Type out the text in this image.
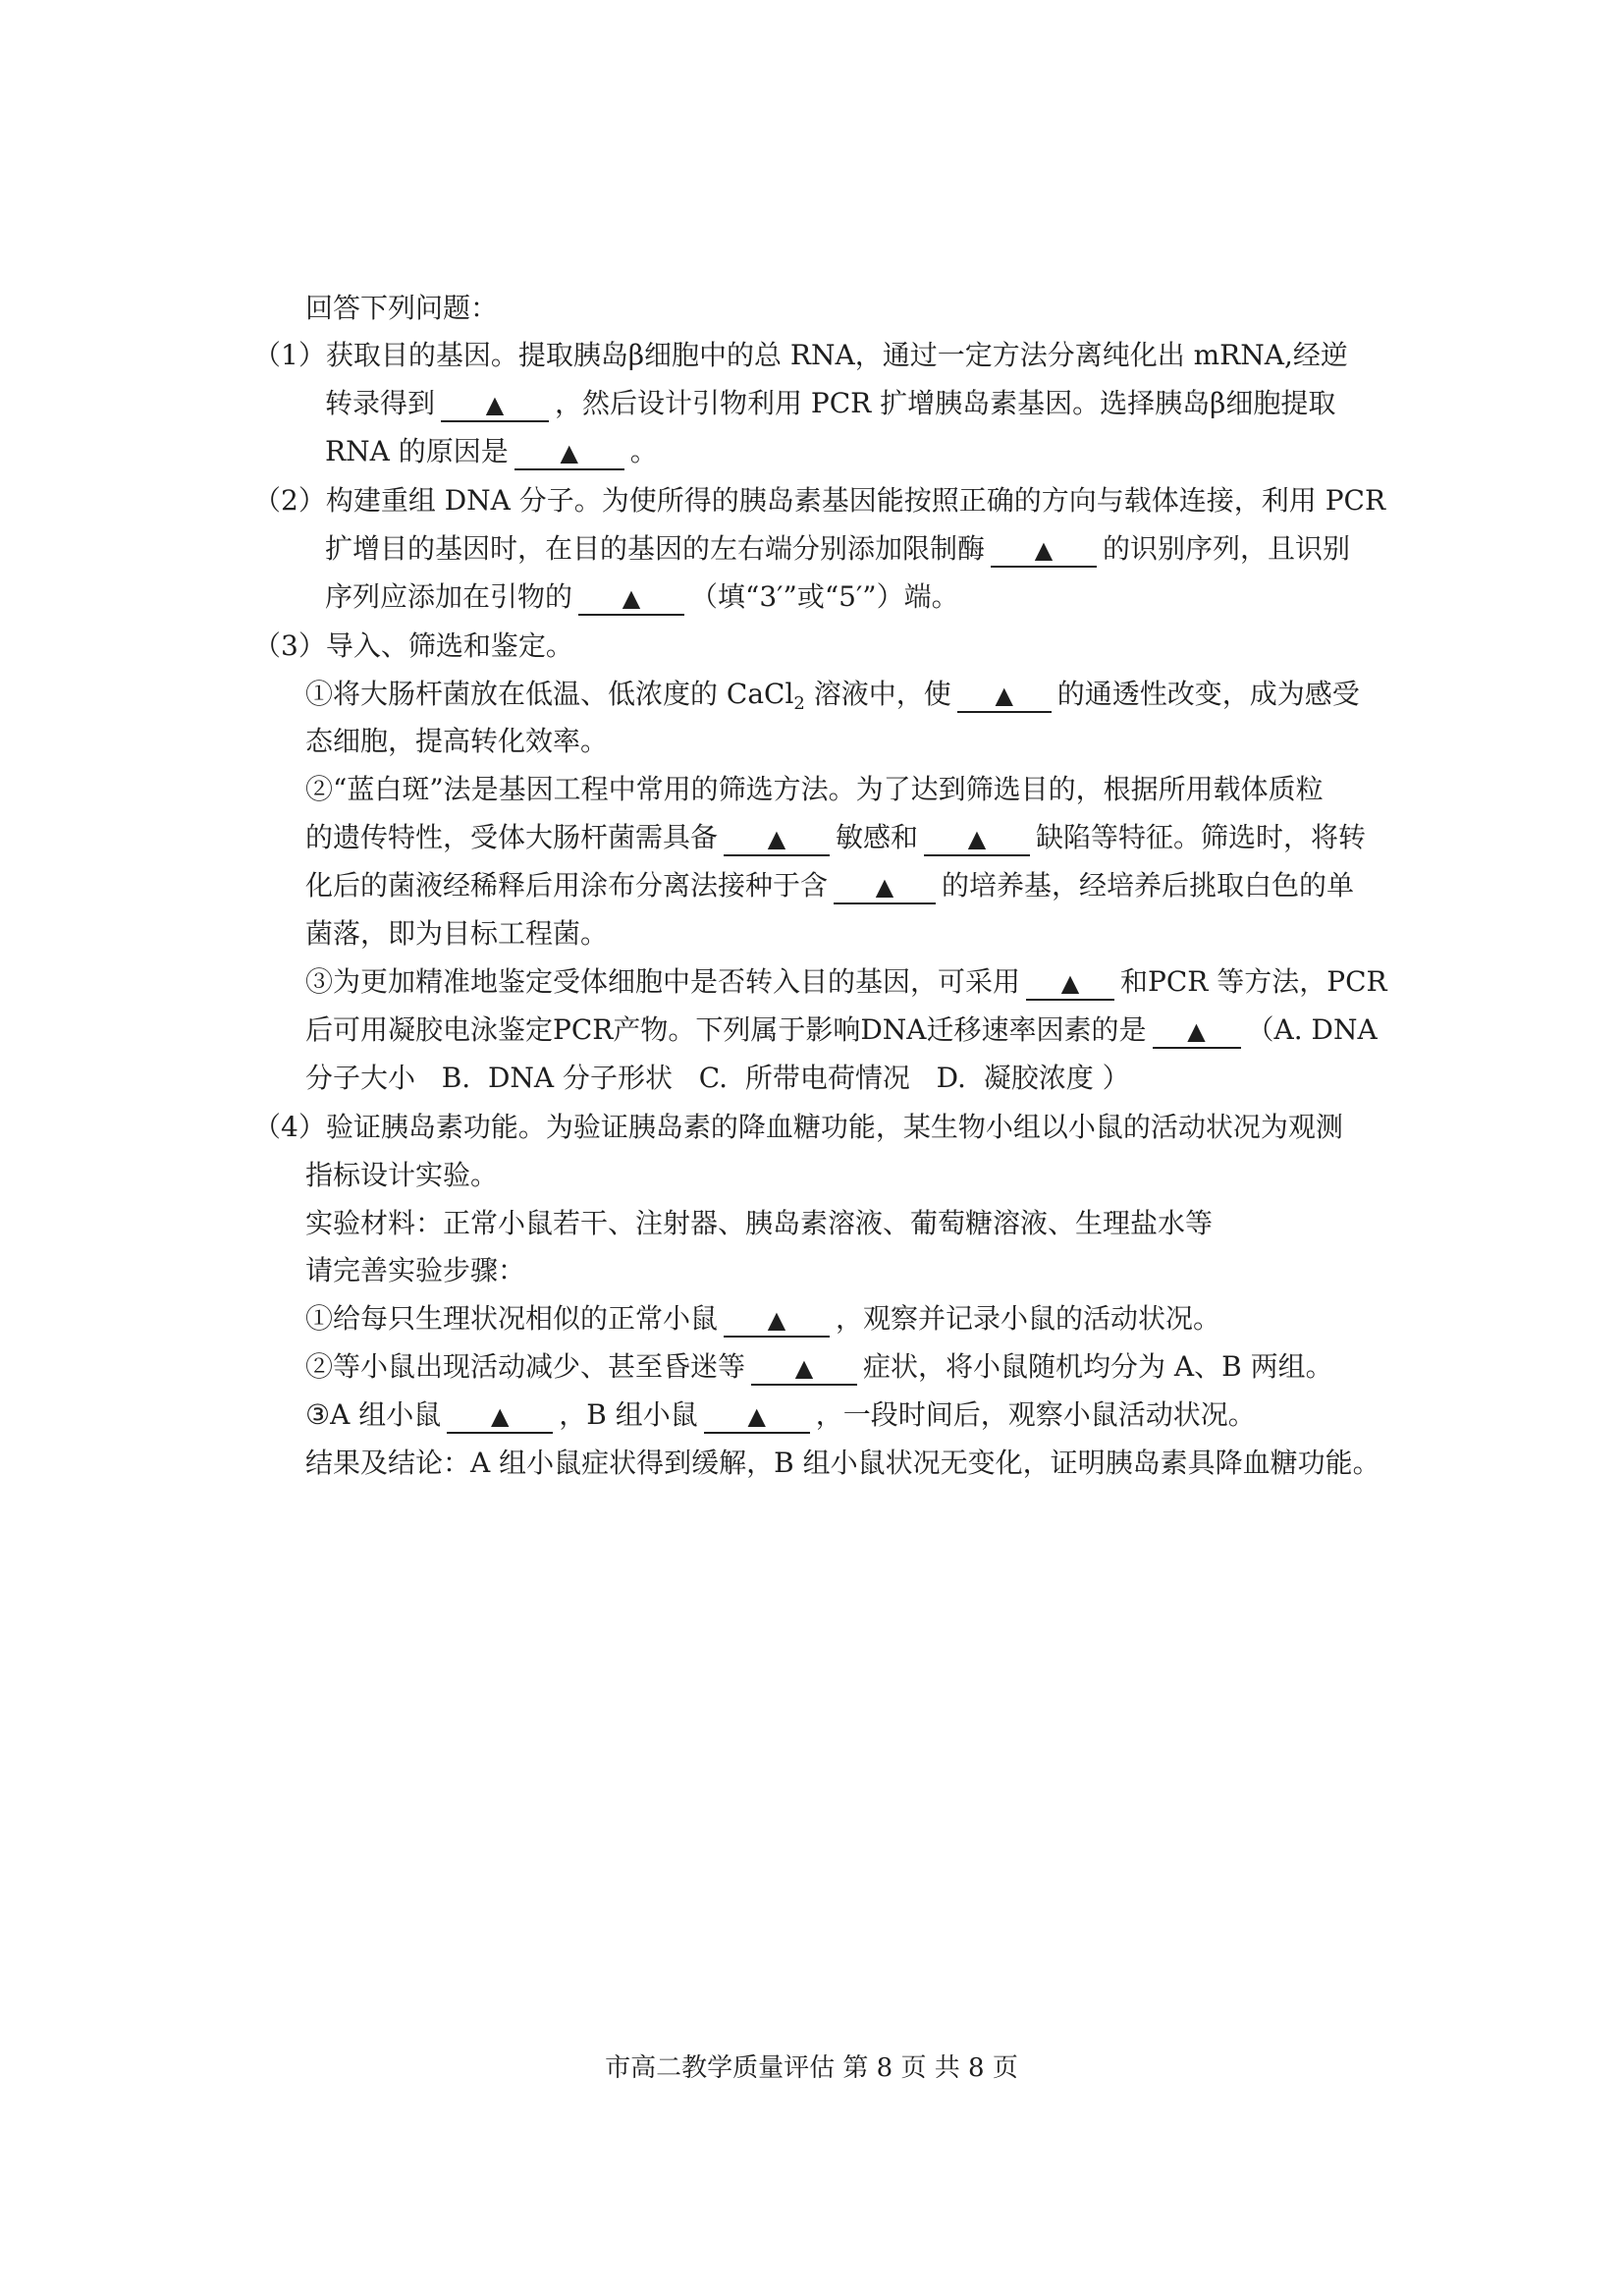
回答下列问题：
（1）获取目的基因。提取胰岛β细胞中的总 RNA，通过一定方法分离纯化出 mRNA,经逆
转录得到 ▲ ，然后设计引物利用 PCR 扩增胰岛素基因。选择胰岛β细胞提取
RNA 的原因是 ▲ 。
（2）构建重组 DNA 分子。为使所得的胰岛素基因能按照正确的方向与载体连接，利用 PCR
扩增目的基因时，在目的基因的左右端分别添加限制酶 ▲ 的识别序列，且识别
序列应添加在引物的 ▲ （填“3′”或“5′”）端。
（3）导入、筛选和鉴定。
①将大肠杆菌放在低温、低浓度的 CaCl$_2$ 溶液中，使 ▲ 的通透性改变，成为感受
态细胞，提高转化效率。
②“蓝白斑”法是基因工程中常用的筛选方法。为了达到筛选目的，根据所用载体质粒
的遗传特性，受体大肠杆菌需具备 ▲ 敏感和 ▲ 缺陷等特征。筛选时，将转
化后的菌液经稀释后用涂布分离法接种于含 ▲ 的培养基，经培养后挑取白色的单
菌落，即为目标工程菌。
③为更加精准地鉴定受体细胞中是否转入目的基因，可采用 ▲ 和PCR 等方法，PCR
后可用凝胶电泳鉴定PCR产物。下列属于影响DNA迁移速率因素的是 ▲ （A. DNA
分子大小   B.  DNA 分子形状   C.  所带电荷情况   D.  凝胶浓度 ）
（4）验证胰岛素功能。为验证胰岛素的降血糖功能，某生物小组以小鼠的活动状况为观测
指标设计实验。
实验材料：正常小鼠若干、注射器、胰岛素溶液、葡萄糖溶液、生理盐水等
请完善实验步骤：
①给每只生理状况相似的正常小鼠 ▲ ，观察并记录小鼠的活动状况。
②等小鼠出现活动减少、甚至昏迷等 ▲ 症状，将小鼠随机均分为 A、B 两组。
③A 组小鼠 ▲ ，B 组小鼠 ▲ ，一段时间后，观察小鼠活动状况。
结果及结论：A 组小鼠症状得到缓解，B 组小鼠状况无变化，证明胰岛素具降血糖功能。
市高二教学质量评估 第 8 页 共 8 页
